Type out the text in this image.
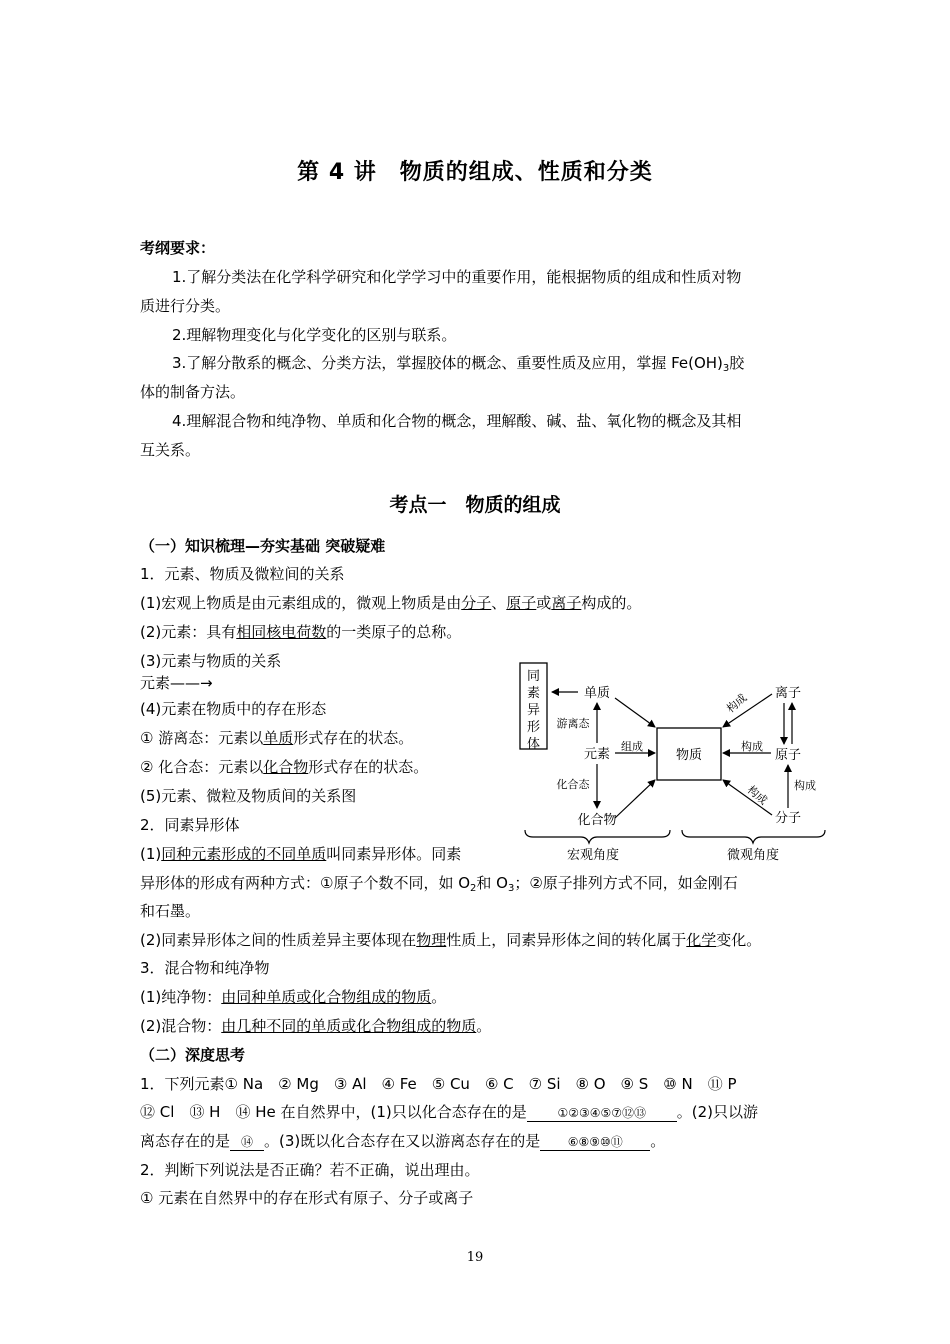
第 4 讲　物质的组成、性质和分类
考纲要求：
1.了解分类法在化学科学研究和化学学习中的重要作用，能根据物质的组成和性质对物
质进行分类。
2.理解物理变化与化学变化的区别与联系。
3.了解分散系的概念、分类方法，掌握胶体的概念、重要性质及应用，掌握 $Fe(OH)_3$胶
体的制备方法。
4.理解混合物和纯净物、单质和化合物的概念，理解酸、碱、盐、氧化物的概念及其相
互关系。
考点一　物质的组成
（一）知识梳理—夯实基础 突破疑难
1．元素、物质及微粒间的关系
(1)宏观上物质是由元素组成的，微观上物质是由分子、原子或离子构成的。
(2)元素：具有相同核电荷数的一类原子的总称。
(3)元素与物质的关系
元素——→
(4)元素在物质中的存在形态
① 游离态：元素以单质形式存在的状态。
② 化合态：元素以化合物形式存在的状态。
(5)元素、微粒及物质间的关系图
2．同素异形体
(1)同种元素形成的不同单质叫同素异形体。同素
异形体的形成有两种方式：①原子个数不同，如 $O_2$和 $O_3$；②原子排列方式不同，如金刚石
和石墨。
(2)同素异形体之间的性质差异主要体现在物理性质上，同素异形体之间的转化属于化学变化。
3．混合物和纯净物
(1)纯净物：由同种单质或化合物组成的物质。
(2)混合物：由几种不同的单质或化合物组成的物质。
（二）深度思考
1．下列元素① Na　② Mg　③ Al　④ Fe　⑤ Cu　⑥ C　⑦ Si　⑧ O　⑨ S　⑩ N　⑪ P
⑫ Cl　⑬ H　⑭ He 在自然界中，(1)只以化合态存在的是	①②③④⑤⑦⑫⑬ 。(2)只以游
离态存在的是 ⑭ 。(3)既以化合态存在又以游离态存在的是 ⑥⑧⑨⑩⑪ 。
2．判断下列说法是否正确？若不正确，说出理由。
① 元素在自然界中的存在形式有原子、分子或离子
同
素
异
形
体
单质
游离态
元素
组成
化合态
化合物
物质
离子
原子
分子
构成
构成
构成 构成
宏观角度	微观角度
19
